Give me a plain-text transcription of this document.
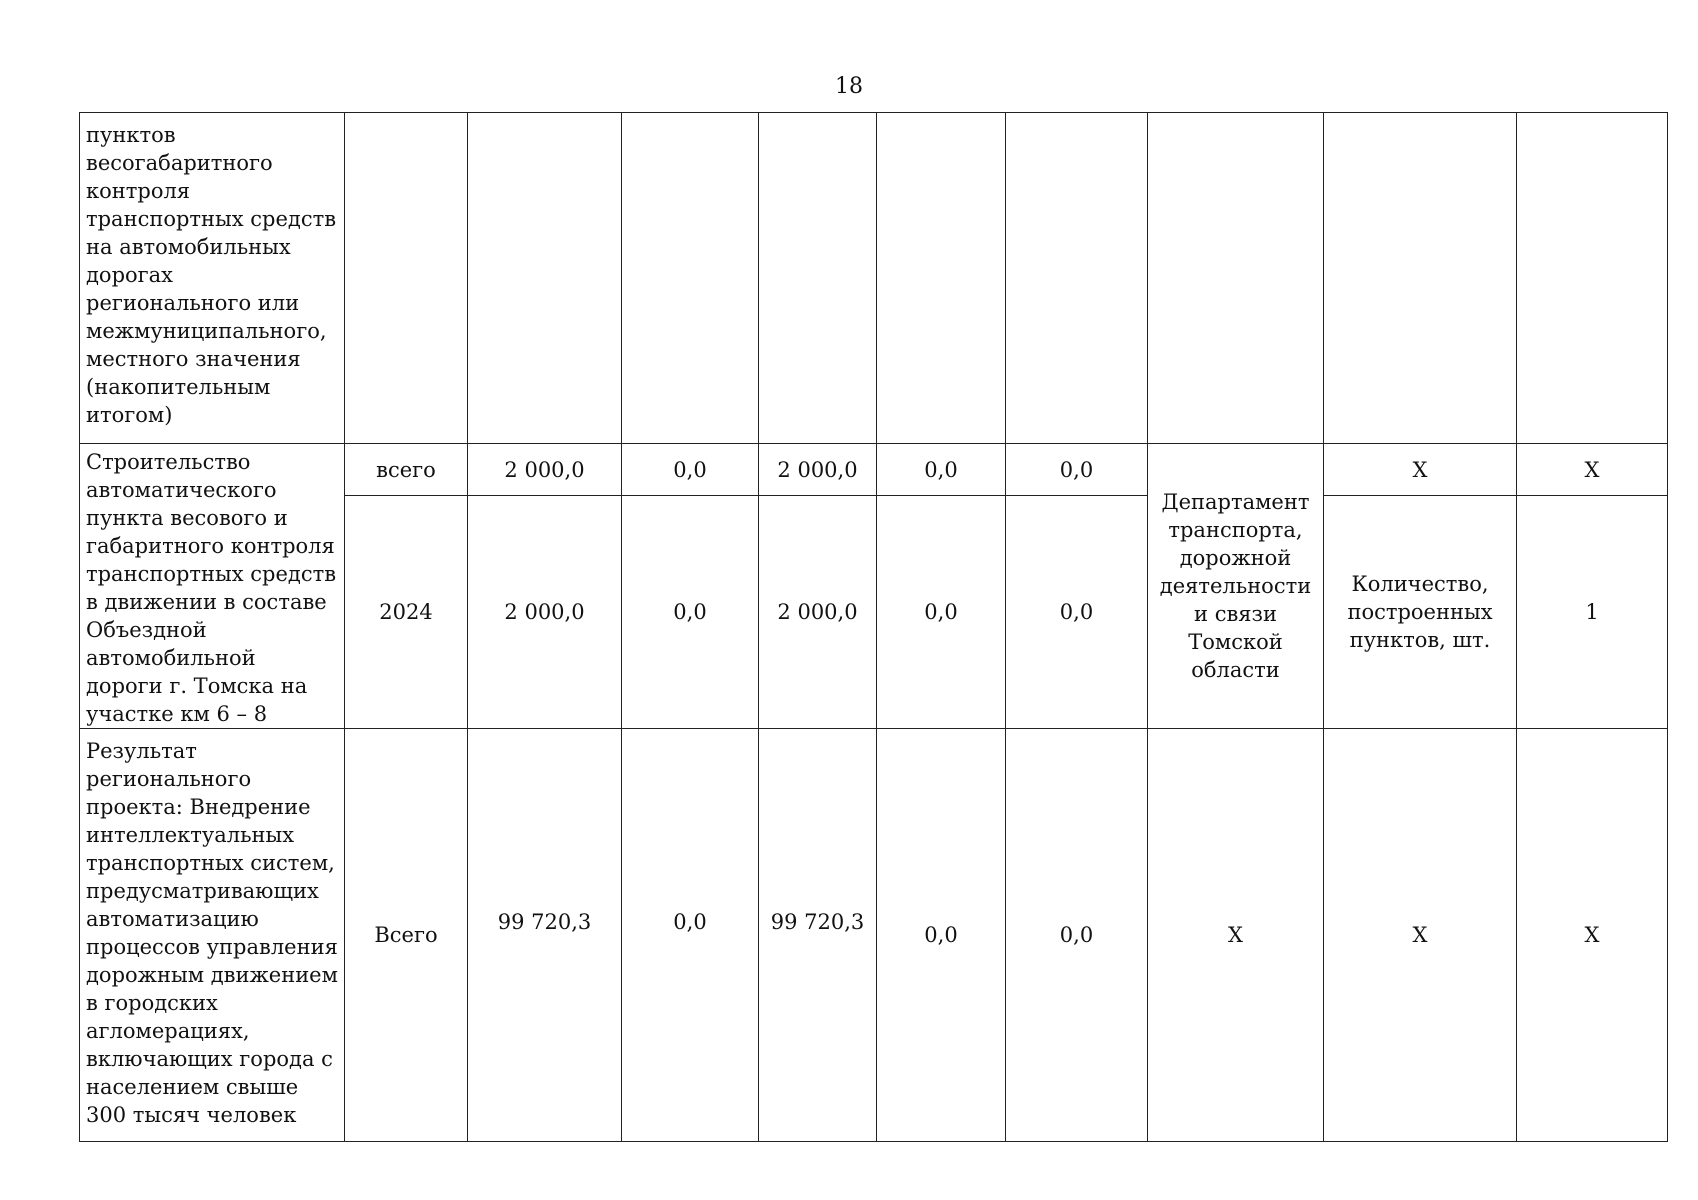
18
пунктов весогабаритного контроля транспортных средств на автомобильных дорогах регионального или межмуниципального, местного значения (накопительным итогом)									
Строительство автоматического пункта весового и габаритного контроля транспортных средств в движении в составе Объездной автомобильной дороги г. Томска на участке км 6 – 8	всего	2 000,0	0,0	2 000,0	0,0	0,0	Департамент транспорта, дорожной деятельности и связи Томской области	X	X
	2024	2 000,0	0,0	2 000,0	0,0	0,0		Количество, построенных пунктов, шт.	1
Результат регионального проекта: Внедрение интеллектуальных транспортных систем, предусматривающих автоматизацию процессов управления дорожным движением в городских агломерациях, включающих города с населением свыше 300 тысяч человек	Всего	99 720,3	0,0	99 720,3	0,0	0,0	X	X	X
